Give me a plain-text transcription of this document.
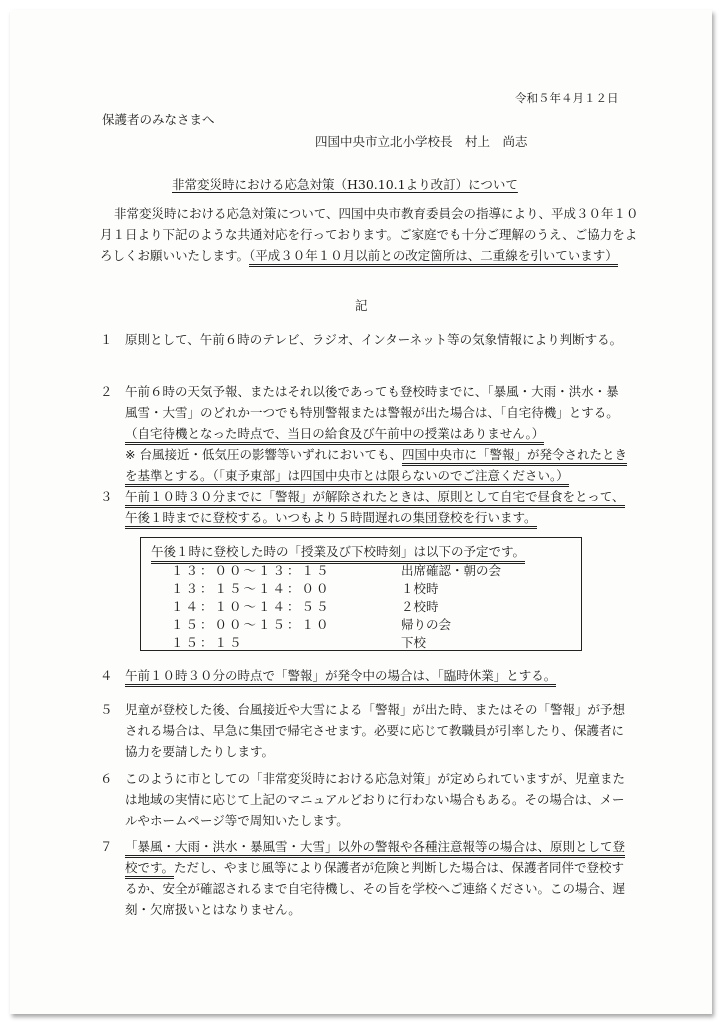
令和５年４月１２日
保護者のみなさまへ
四国中央市立北小学校長　村上　尚志
非常変災時における応急対策（H30.10.1より改訂）について
非常変災時における応急対策について、四国中央市教育委員会の指導により、平成３０年１０月１日より下記のような共通対応を行っております。ご家庭でも十分ご理解のうえ、ご協力をよろしくお願いいたします。（平成３０年１０月以前との改定箇所は、二重線を引いています）
記
１ 原則として、午前６時のテレビ、ラジオ、インターネット等の気象情報により判断する。
２ 午前６時の天気予報、またはそれ以後であっても登校時までに、「暴風・大雨・洪水・暴風雪・大雪」のどれか一つでも特別警報または警報が出た場合は、「自宅待機」とする。（自宅待機となった時点で、当日の給食及び午前中の授業はありません。）
※ 台風接近・低気圧の影響等いずれにおいても、四国中央市に「警報」が発令されたときを基準とする。（「東予東部」は四国中央市とは限らないのでご注意ください。）
３ 午前１０時３０分までに「警報」が解除されたときは、原則として自宅で昼食をとって、午後１時までに登校する。いつもより５時間遅れの集団登校を行います。
午後１時に登校した時の「授業及び下校時刻」は以下の予定です。
１３：００〜１３：１５	出席確認・朝の会
１３：１５〜１４：００	１校時
１４：１０〜１４：５５	２校時
１５：００〜１５：１０	帰りの会
１５：１５	下校
４ 午前１０時３０分の時点で「警報」が発令中の場合は、「臨時休業」とする。
５ 児童が登校した後、台風接近や大雪による「警報」が出た時、またはその「警報」が予想される場合は、早急に集団で帰宅させます。必要に応じて教職員が引率したり、保護者に協力を要請したりします。
６ このように市としての「非常変災時における応急対策」が定められていますが、児童または地域の実情に応じて上記のマニュアルどおりに行わない場合もある。その場合は、メールやホームページ等で周知いたします。
７ 「暴風・大雨・洪水・暴風雪・大雪」以外の警報や各種注意報等の場合は、原則として登校です。ただし、やまじ風等により保護者が危険と判断した場合は、保護者同伴で登校するか、安全が確認されるまで自宅待機し、その旨を学校へご連絡ください。この場合、遅刻・欠席扱いとはなりません。
